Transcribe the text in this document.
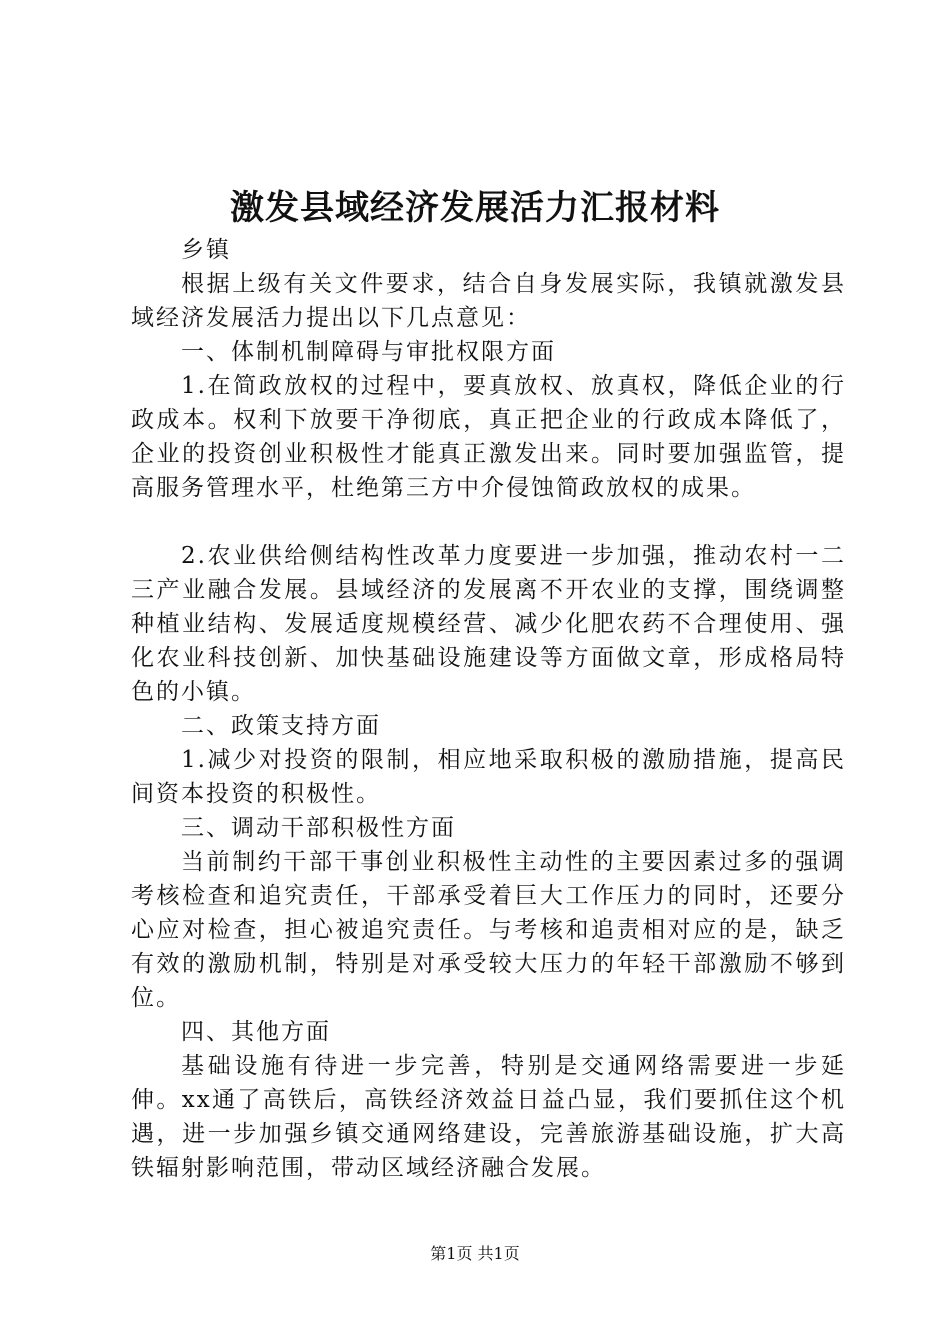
激发县域经济发展活力汇报材料

乡镇

根据上级有关文件要求，结合自身发展实际，我镇就激发县域经济发展活力提出以下几点意见：

一、体制机制障碍与审批权限方面

1.在简政放权的过程中，要真放权、放真权，降低企业的行政成本。权利下放要干净彻底，真正把企业的行政成本降低了，企业的投资创业积极性才能真正激发出来。同时要加强监管，提高服务管理水平，杜绝第三方中介侵蚀简政放权的成果。

2.农业供给侧结构性改革力度要进一步加强，推动农村一二三产业融合发展。县域经济的发展离不开农业的支撑，围绕调整种植业结构、发展适度规模经营、减少化肥农药不合理使用、强化农业科技创新、加快基础设施建设等方面做文章，形成格局特色的小镇。

二、政策支持方面

1.减少对投资的限制，相应地采取积极的激励措施，提高民间资本投资的积极性。

三、调动干部积极性方面

当前制约干部干事创业积极性主动性的主要因素过多的强调考核检查和追究责任，干部承受着巨大工作压力的同时，还要分心应对检查，担心被追究责任。与考核和追责相对应的是，缺乏有效的激励机制，特别是对承受较大压力的年轻干部激励不够到位。

四、其他方面

基础设施有待进一步完善，特别是交通网络需要进一步延伸。xx通了高铁后，高铁经济效益日益凸显，我们要抓住这个机遇，进一步加强乡镇交通网络建设，完善旅游基础设施，扩大高铁辐射影响范围，带动区域经济融合发展。

第1页 共1页
